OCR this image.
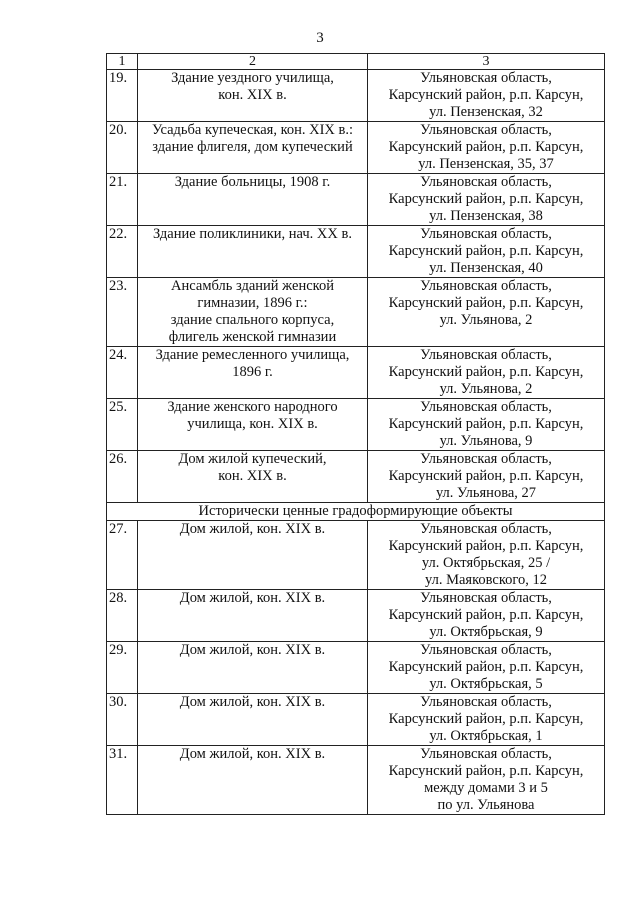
3
1	2	3
19.	Здание уездного училища,
кон. XIX в.	Ульяновская область,
Карсунский район, р.п. Карсун,
ул. Пензенская, 32

20.	Усадьба купеческая, кон. XIX в.:
здание флигеля, дом купеческий	Ульяновская область,
Карсунский район, р.п. Карсун,
ул. Пензенская, 35, 37

21.	Здание больницы, 1908 г.	Ульяновская область,
Карсунский район, р.п. Карсун,
ул. Пензенская, 38

22.	Здание поликлиники, нач. XX в.	Ульяновская область,
Карсунский район, р.п. Карсун,
ул. Пензенская, 40

23.	Ансамбль зданий женской
гимназии, 1896 г.:
здание спального корпуса,
флигель женской гимназии	Ульяновская область,
Карсунский район, р.п. Карсун,
ул. Ульянова, 2

24.	Здание ремесленного училища,
1896 г.	Ульяновская область,
Карсунский район, р.п. Карсун,
ул. Ульянова, 2

25.	Здание женского народного
училища, кон. XIX в.	Ульяновская область,
Карсунский район, р.п. Карсун,
ул. Ульянова, 9

26.	Дом жилой купеческий,
кон. XIX в.	Ульяновская область,
Карсунский район, р.п. Карсун,
ул. Ульянова, 27

Исторически ценные градоформирующие объекты		
27.	Дом жилой, кон. XIX в.	Ульяновская область,
Карсунский район, р.п. Карсун,
ул. Октябрьская, 25 /
ул. Маяковского, 12

28.	Дом жилой, кон. XIX в.	Ульяновская область,
Карсунский район, р.п. Карсун,
ул. Октябрьская, 9

29.	Дом жилой, кон. XIX в.	Ульяновская область,
Карсунский район, р.п. Карсун,
ул. Октябрьская, 5

30.	Дом жилой, кон. XIX в.	Ульяновская область,
Карсунский район, р.п. Карсун,
ул. Октябрьская, 1

31.	Дом жилой, кон. XIX в.	Ульяновская область,
Карсунский район, р.п. Карсун,
между домами 3 и 5
по ул. Ульянова
